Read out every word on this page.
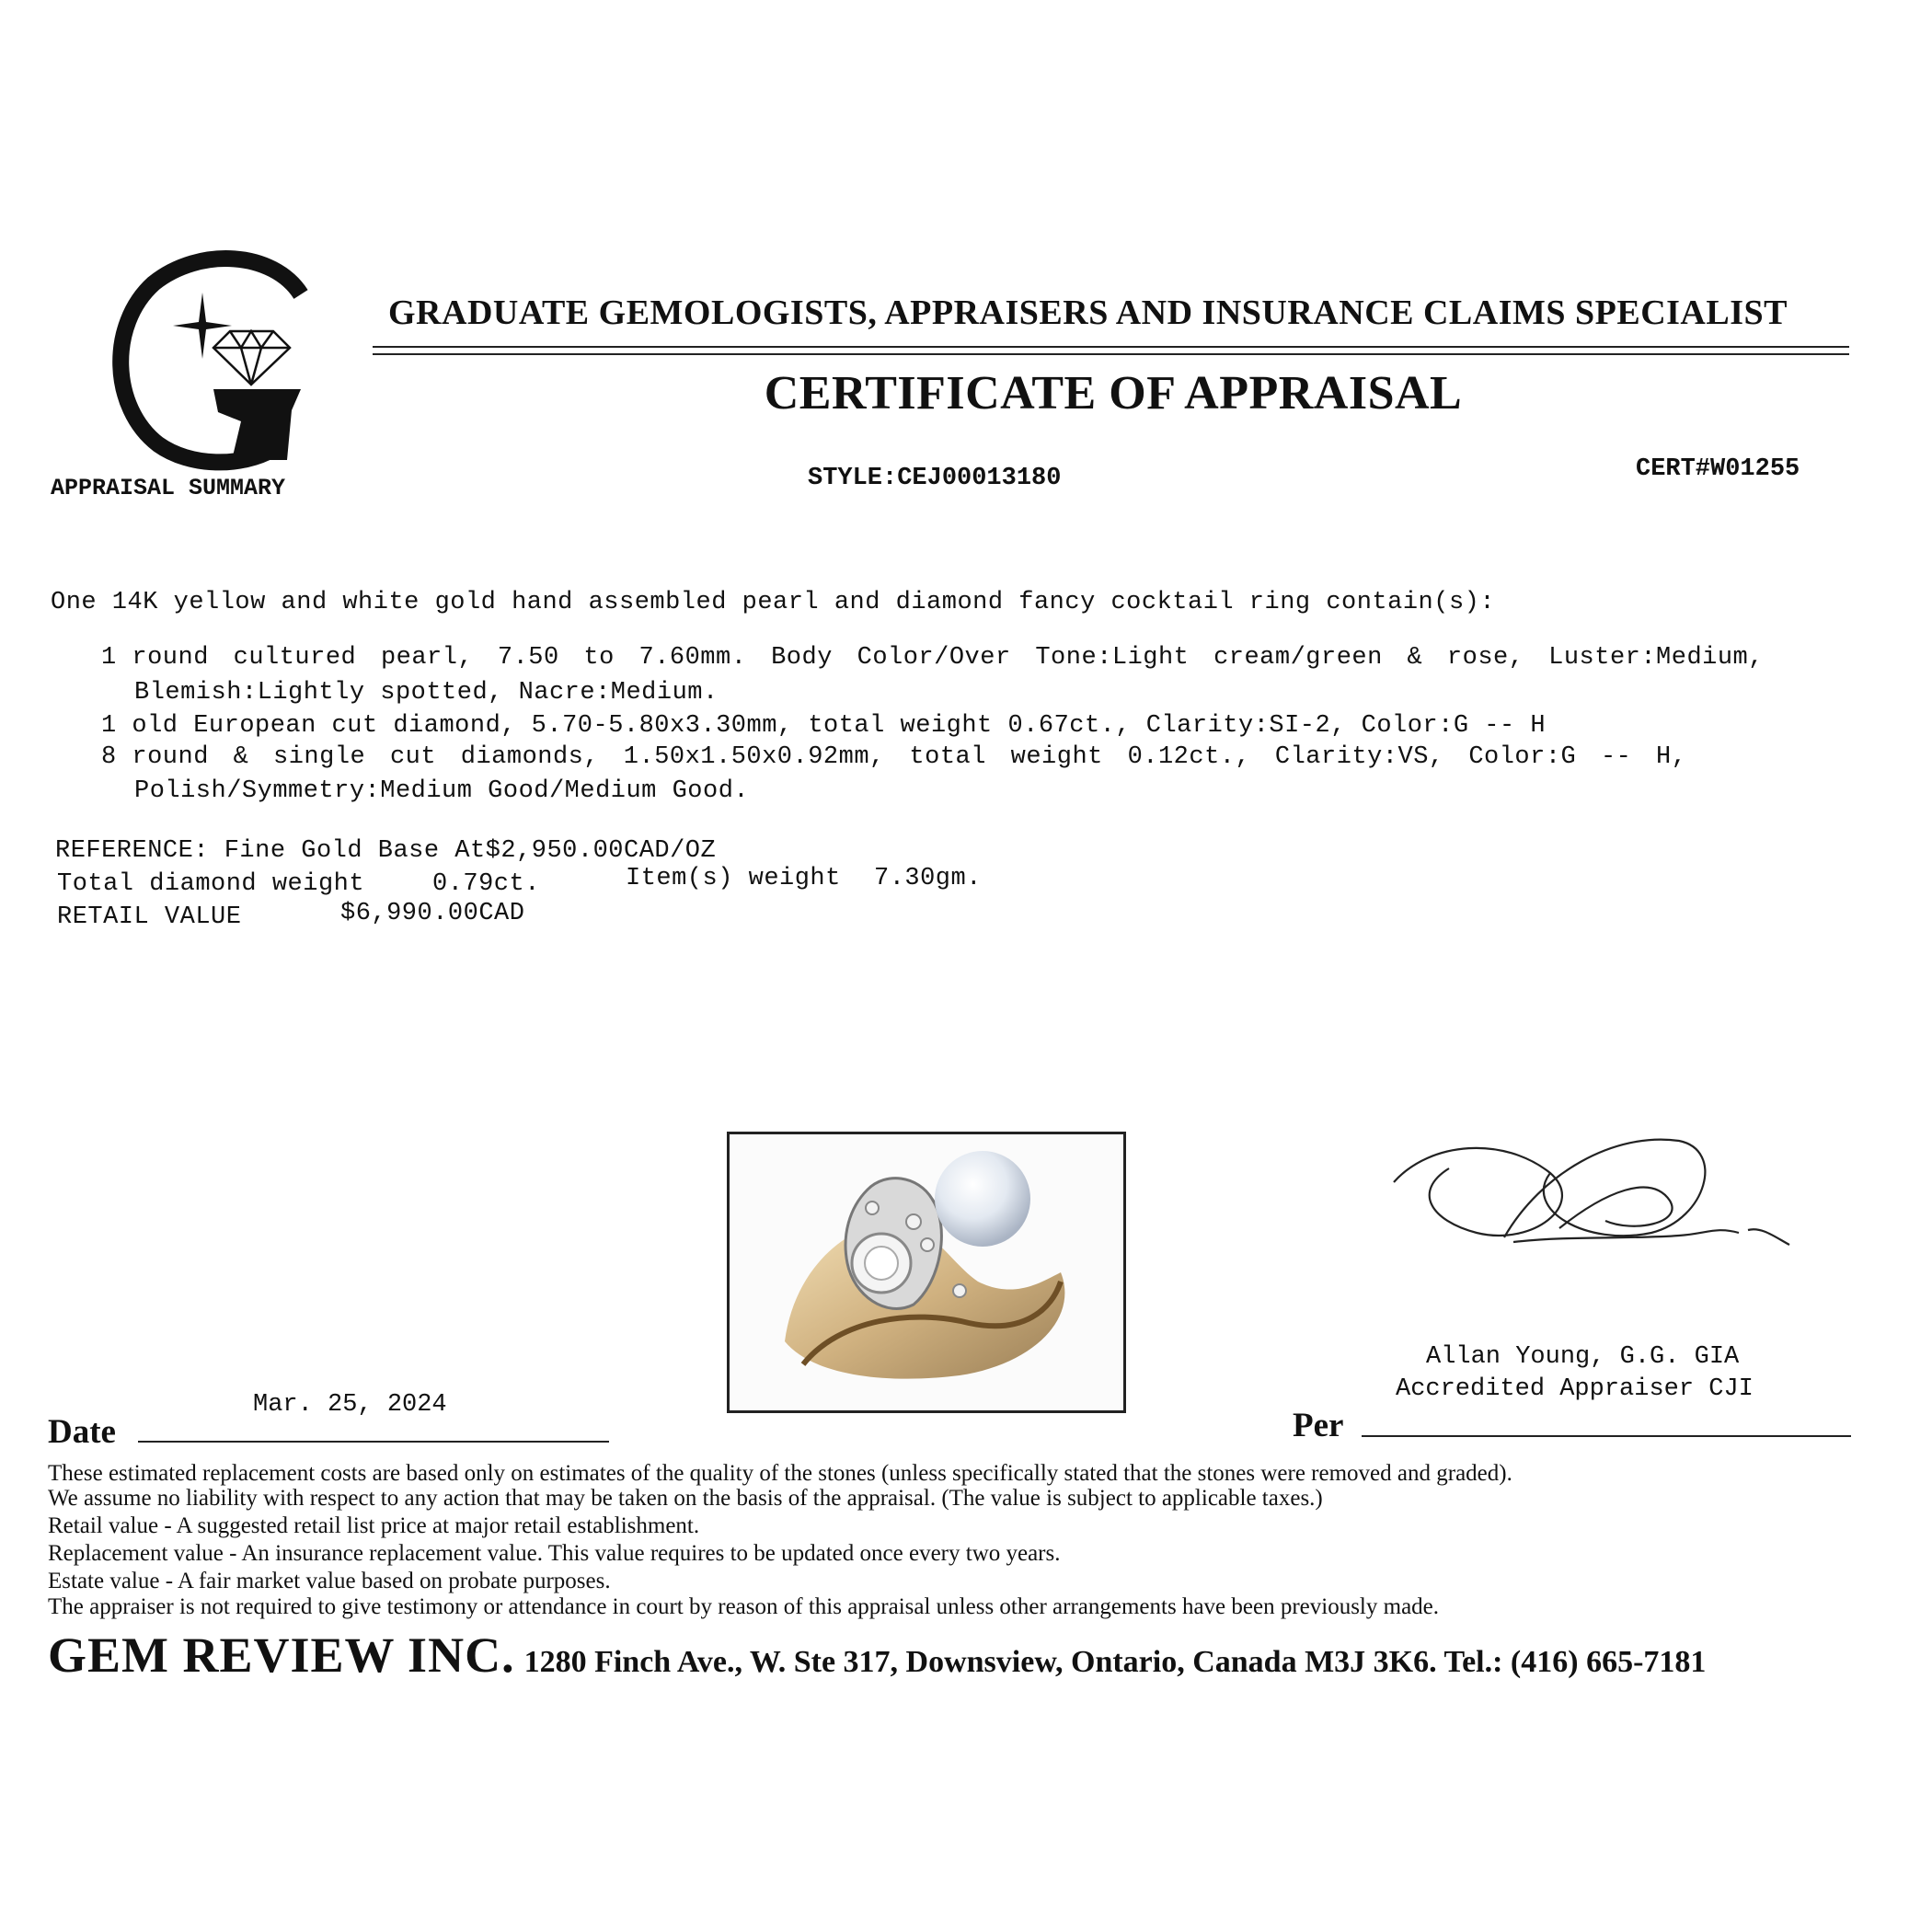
APPRAISAL SUMMARY
GRADUATE GEMOLOGISTS, APPRAISERS AND INSURANCE CLAIMS SPECIALIST
CERTIFICATE OF APPRAISAL
STYLE:CEJ00013180	CERT#W01255
One 14K yellow and white gold hand assembled pearl and diamond fancy cocktail ring contain(s):
1 round cultured pearl, 7.50 to 7.60mm. Body Color/Over Tone:Light cream/green & rose, Luster:Medium,
Blemish:Lightly spotted, Nacre:Medium.
1 old European cut diamond, 5.70-5.80x3.30mm, total weight 0.67ct., Clarity:SI-2, Color:G -- H
8 round & single cut diamonds, 1.50x1.50x0.92mm, total weight 0.12ct., Clarity:VS, Color:G -- H,
Polish/Symmetry:Medium Good/Medium Good.
REFERENCE: Fine Gold Base At$2,950.00CAD/OZ
Total diamond weight	0.79ct.	Item(s) weight 7.30gm.
RETAIL VALUE	$6,990.00CAD
Allan Young, G.G. GIA
Accredited Appraiser CJI
Mar. 25, 2024
Date	Per
These estimated replacement costs are based only on estimates of the quality of the stones (unless specifically stated that the stones were removed and graded).
We assume no liability with respect to any action that may be taken on the basis of the appraisal. (The value is subject to applicable taxes.)
Retail value - A suggested retail list price at major retail establishment.
Replacement value - An insurance replacement value. This value requires to be updated once every two years.
Estate value - A fair market value based on probate purposes.
The appraiser is not required to give testimony or attendance in court by reason of this appraisal unless other arrangements have been previously made.
GEM REVIEW INC. 1280 Finch Ave., W. Ste 317, Downsview, Ontario, Canada M3J 3K6. Tel.: (416) 665-7181
